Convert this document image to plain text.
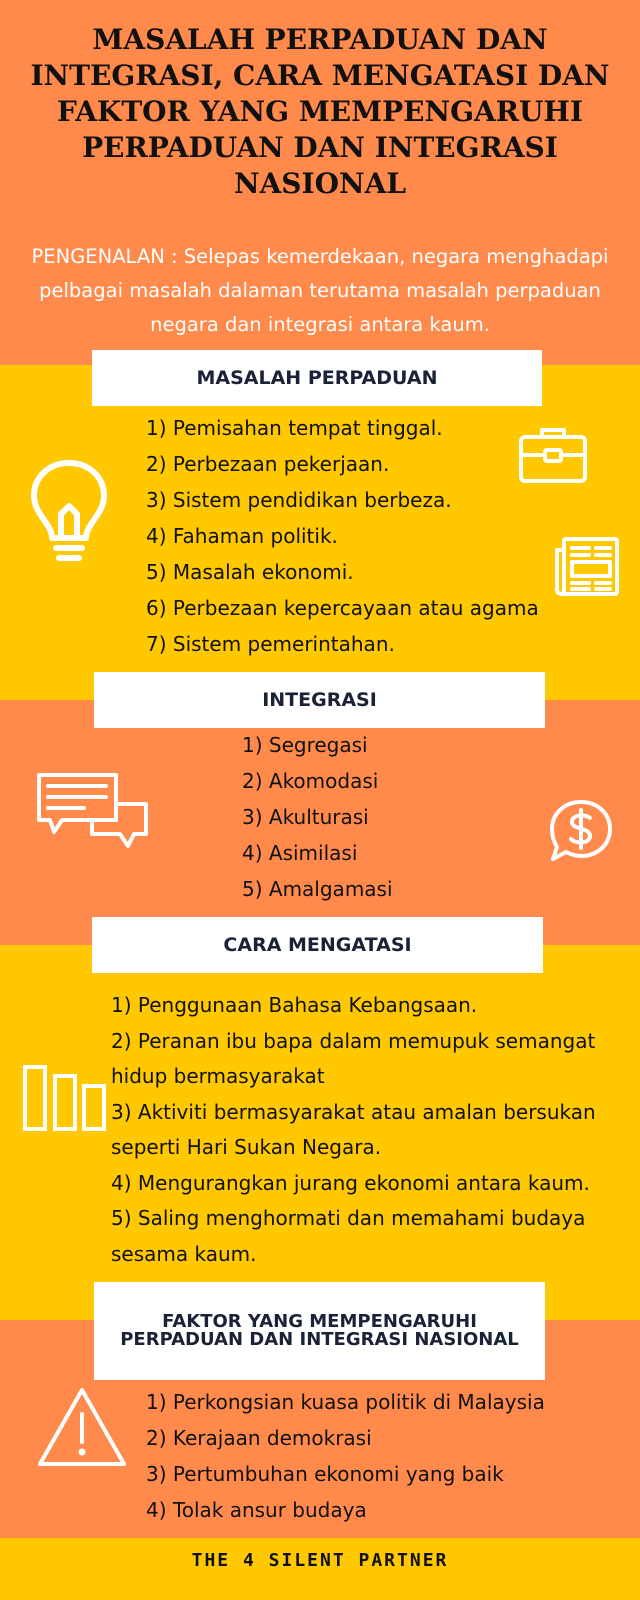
MASALAH PERPADUAN DAN INTEGRASI, CARA MENGATASI DAN FAKTOR YANG MEMPENGARUHI PERPADUAN DAN INTEGRASI NASIONAL

PENGENALAN : Selepas kemerdekaan, negara menghadapi pelbagai masalah dalaman terutama masalah perpaduan negara dan integrasi antara kaum.

MASALAH PERPADUAN
1) Pemisahan tempat tinggal.
2) Perbezaan pekerjaan.
3) Sistem pendidikan berbeza.
4) Fahaman politik.
5) Masalah ekonomi.
6) Perbezaan kepercayaan atau agama
7) Sistem pemerintahan.
INTEGRASI
1) Segregasi
2) Akomodasi
3) Akulturasi
4) Asimilasi
5) Amalgamasi
CARA MENGATASI
1) Penggunaan Bahasa Kebangsaan.
2) Peranan ibu bapa dalam memupuk semangat hidup bermasyarakat
3) Aktiviti bermasyarakat atau amalan bersukan seperti Hari Sukan Negara.
4) Mengurangkan jurang ekonomi antara kaum.
5) Saling menghormati dan memahami budaya sesama kaum.
FAKTOR YANG MEMPENGARUHI PERPADUAN DAN INTEGRASI NASIONAL
1) Perkongsian kuasa politik di Malaysia
2) Kerajaan demokrasi
3) Pertumbuhan ekonomi yang baik
4) Tolak ansur budaya
THE 4 SILENT PARTNER
